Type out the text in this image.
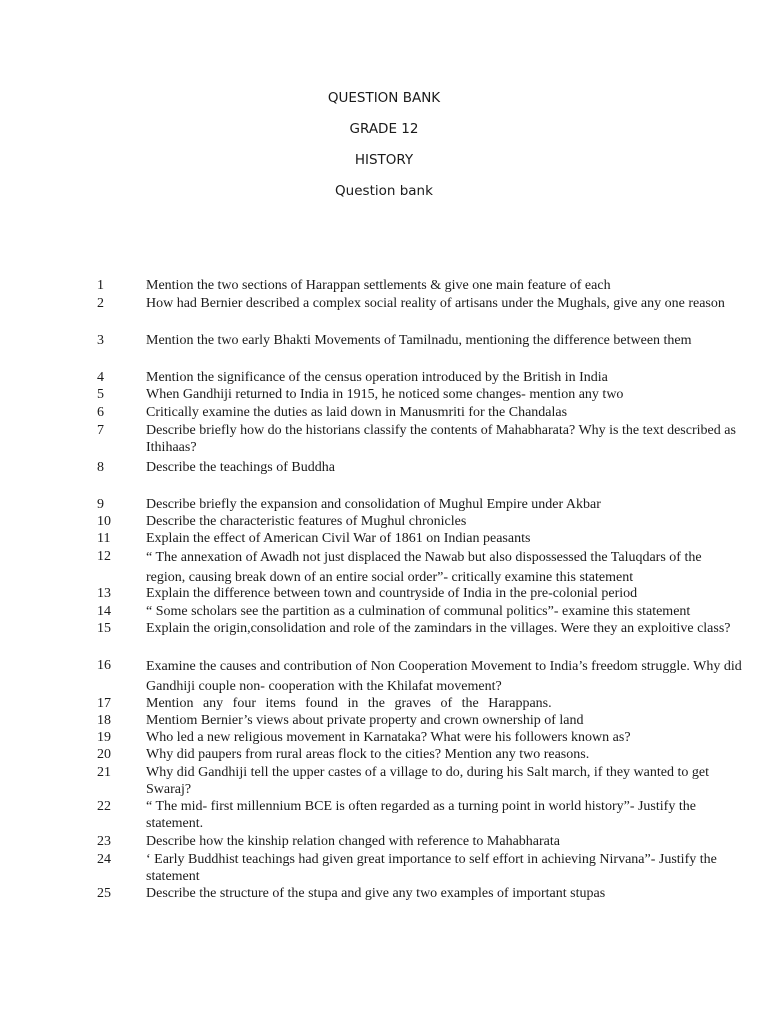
QUESTION BANK
GRADE 12
HISTORY
Question bank
1	Mention the two sections of Harappan settlements & give one main feature of each
2	How had Bernier described a complex social reality of artisans under the Mughals, give any one reason
3	Mention the two early Bhakti Movements of Tamilnadu, mentioning the difference between them
4	Mention the significance of the census operation introduced by the British in India
5	When Gandhiji returned to India in 1915, he noticed some changes- mention any two
6	Critically examine the duties as laid down in Manusmriti for the Chandalas
7	Describe briefly how do the historians classify the contents of Mahabharata? Why is the text described as Ithihaas?
8	Describe the teachings of Buddha
9	Describe briefly the expansion and consolidation of Mughul Empire under Akbar
10	Describe the characteristic features of Mughul chronicles
11	Explain the effect of American Civil War of 1861 on Indian peasants
12	“ The annexation of Awadh not just displaced the Nawab but also dispossessed the Taluqdars of the region, causing break down of an entire social order”- critically examine this statement
13	Explain the difference between town and countryside of India in the pre-colonial period
14	“ Some scholars see the partition as a culmination of communal politics”- examine this statement
15	Explain the origin,consolidation and role of the zamindars in the villages. Were they an exploitive class?
16	Examine the causes and contribution of Non Cooperation Movement to India’s freedom struggle. Why did Gandhiji couple non- cooperation with the Khilafat movement?
17	Mention any four items found in the graves of the Harappans.
18	Mentiom Bernier’s views about private property and crown ownership of land
19	Who led a new religious movement in Karnataka? What were his followers known as?
20	Why did paupers from rural areas flock to the cities? Mention any two reasons.
21	Why did Gandhiji tell the upper castes of a village to do, during his Salt march, if they wanted to get Swaraj?
22	“ The mid- first millennium BCE is often regarded as a turning point in world history”- Justify the statement.
23	Describe how the kinship relation changed with reference to Mahabharata
24	‘ Early Buddhist teachings had given great importance to self effort in achieving Nirvana”- Justify the statement
25	Describe the structure of the stupa and give any two examples of important stupas
